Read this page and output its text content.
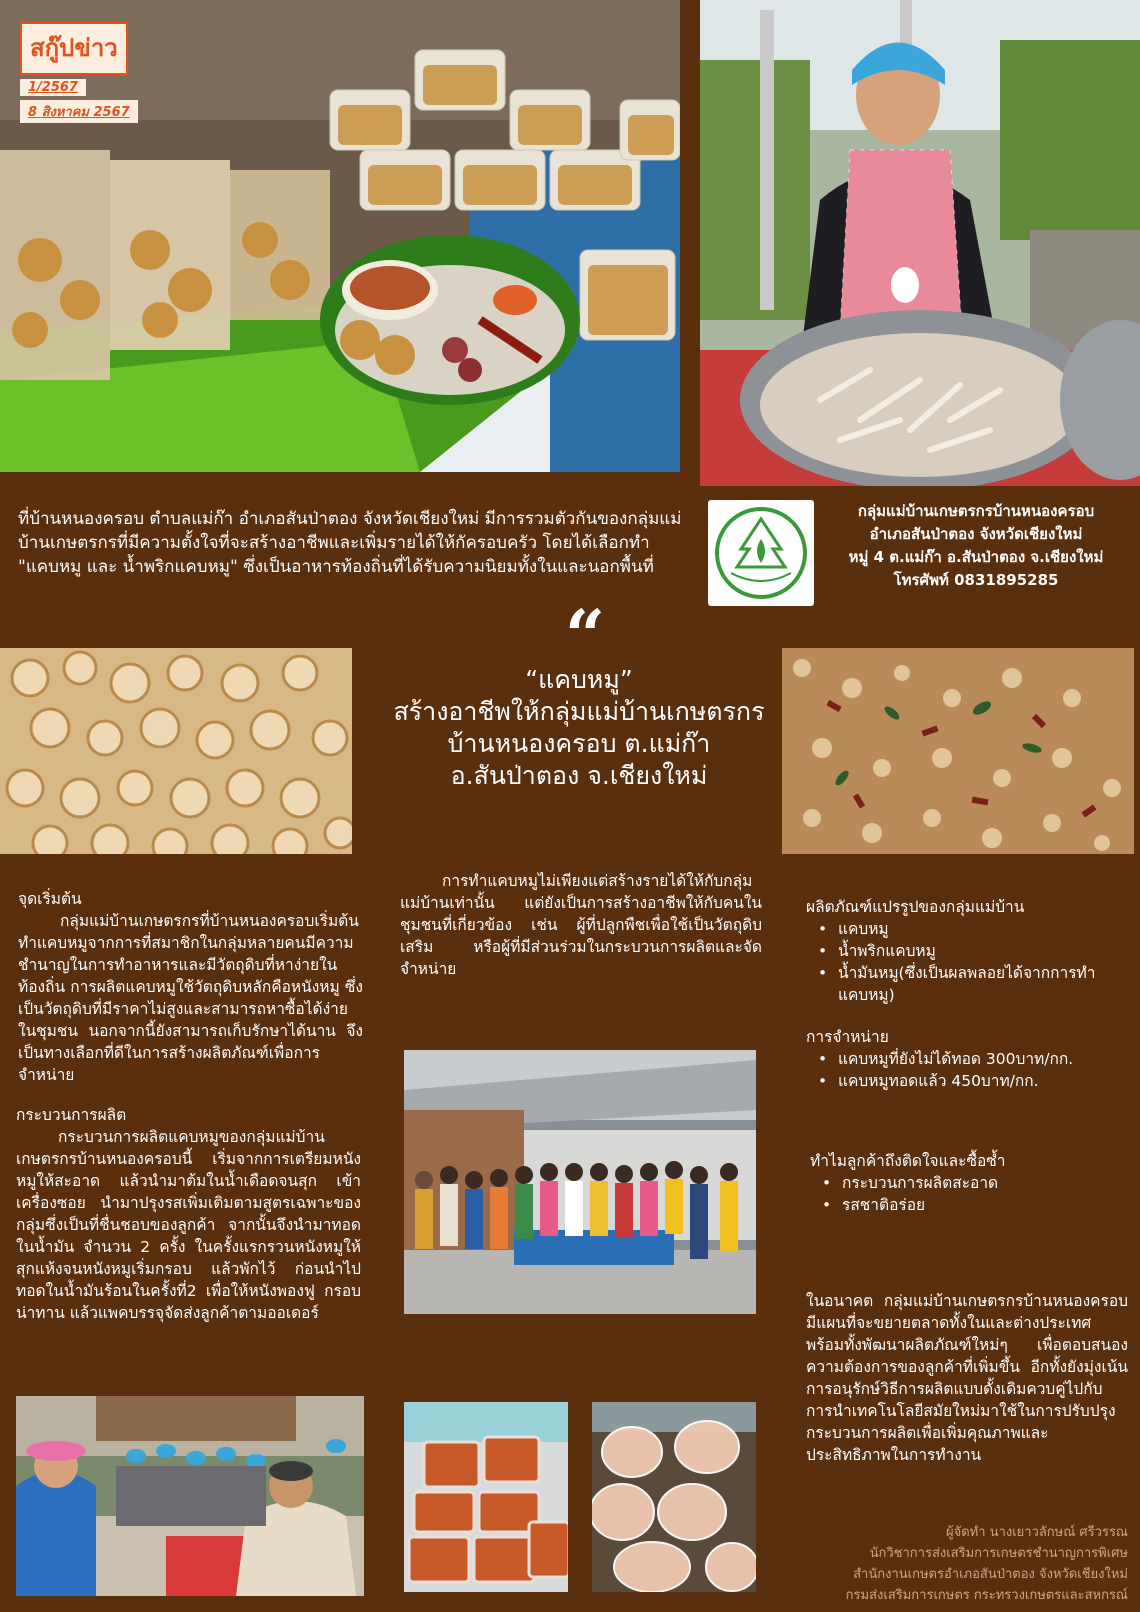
สกู๊ปข่าว
1/2567
8 สิงหาคม 2567
ที่บ้านหนองครอบ ตำบลแม่ก๊า อำเภอสันป่าตอง จังหวัดเชียงใหม่ มีการรวมตัวกันของกลุ่มแม่บ้านเกษตรกรที่มีความตั้งใจที่จะสร้างอาชีพและเพิ่มรายได้ให้กัครอบครัว โดยได้เลือกทำ "แคบหมู และ น้ำพริกแคบหมู" ซึ่งเป็นอาหารท้องถิ่นที่ได้รับความนิยมทั้งในและนอกพื้นที่
กลุ่มแม่บ้านเกษตรกรบ้านหนองครอบ
อำเภอสันป่าตอง จังหวัดเชียงใหม่
หมู่ 4 ต.แม่ก๊า อ.สันป่าตอง จ.เชียงใหม่
โทรศัพท์ 0831895285
“
“แคบหมู”
สร้างอาชีพให้กลุ่มแม่บ้านเกษตรกร
บ้านหนองครอบ ต.แม่ก๊า
อ.สันป่าตอง จ.เชียงใหม่
จุดเริ่มต้น

กลุ่มแม่บ้านเกษตรกรที่บ้านหนองครอบเริ่มต้นทำแคบหมูจากการที่สมาชิกในกลุ่มหลายคนมีความชำนาญในการทำอาหารและมีวัตถุดิบที่หาง่ายในท้องถิ่น การผลิตแคบหมูใช้วัตถุดิบหลักคือหนังหมู ซึ่งเป็นวัตถุดิบที่มีราคาไม่สูงและสามารถหาซื้อได้ง่ายในชุมชน นอกจากนี้ยังสามารถเก็บรักษาได้นาน จึงเป็นทางเลือกที่ดีในการสร้างผลิตภัณฑ์เพื่อการจำหน่าย

กระบวนการผลิต

กระบวนการผลิตแคบหมูของกลุ่มแม่บ้านเกษตรกรบ้านหนองครอบนี้ เริ่มจากการเตรียมหนังหมูให้สะอาด แล้วนำมาต้มในน้ำเดือดจนสุก เข้าเครื่องซอย นำมาปรุงรสเพิ่มเติมตามสูตรเฉพาะของกลุ่มซึ่งเป็นที่ชื่นชอบของลูกค้า จากนั้นจึงนำมาทอดในน้ำมัน จำนวน 2 ครั้ง ในครั้งแรกรวนหนังหมูให้สุกแห้งจนหนังหมูเริ่มกรอบ แล้วพักไว้ ก่อนนำไปทอดในน้ำมันร้อนในครั้งที่2 เพื่อให้หนังพองฟู กรอบน่าทาน แล้วแพคบรรจุจัดส่งลูกค้าตามออเดอร์

การทำแคบหมูไม่เพียงแต่สร้างรายได้ให้กับกลุ่มแม่บ้านเท่านั้น แต่ยังเป็นการสร้างอาชีพให้กับคนในชุมชนที่เกี่ยวข้อง เช่น ผู้ที่ปลูกพืชเพื่อใช้เป็นวัตถุดิบเสริม หรือผู้ที่มีส่วนร่วมในกระบวนการผลิตและจัดจำหน่าย

ผลิตภัณฑ์แปรรูปของกลุ่มแม่บ้าน
• แคบหมู
• น้ำพริกแคบหมู
• น้ำมันหมู(ซึ่งเป็นผลพลอยได้จากการทำแคบหมู)
การจำหน่าย
• แคบหมูที่ยังไม่ได้ทอด 300บาท/กก.
• แคบหมูทอดแล้ว 450บาท/กก.
ทำไมลูกค้าถึงติดใจและซื้อซ้ำ
• กระบวนการผลิตสะอาด
• รสชาติอร่อย

ในอนาคต กลุ่มแม่บ้านเกษตรกรบ้านหนองครอบ มีแผนที่จะขยายตลาดทั้งในและต่างประเทศ พร้อมทั้งพัฒนาผลิตภัณฑ์ใหม่ๆ เพื่อตอบสนองความต้องการของลูกค้าที่เพิ่มขึ้น อีกทั้งยังมุ่งเน้นการอนุรักษ์วิธีการผลิตแบบดั้งเดิมควบคู่ไปกับการนำเทคโนโลยีสมัยใหม่มาใช้ในการปรับปรุงกระบวนการผลิตเพื่อเพิ่มคุณภาพและประสิทธิภาพในการทำงาน

ผู้จัดทำ นางเยาวลักษณ์ ศรีวรรณ
นักวิชาการส่งเสริมการเกษตรชำนาญการพิเศษ
สำนักงานเกษตรอำเภอสันป่าตอง จังหวัดเชียงใหม่
กรมส่งเสริมการเกษตร กระทรวงเกษตรและสหกรณ์
